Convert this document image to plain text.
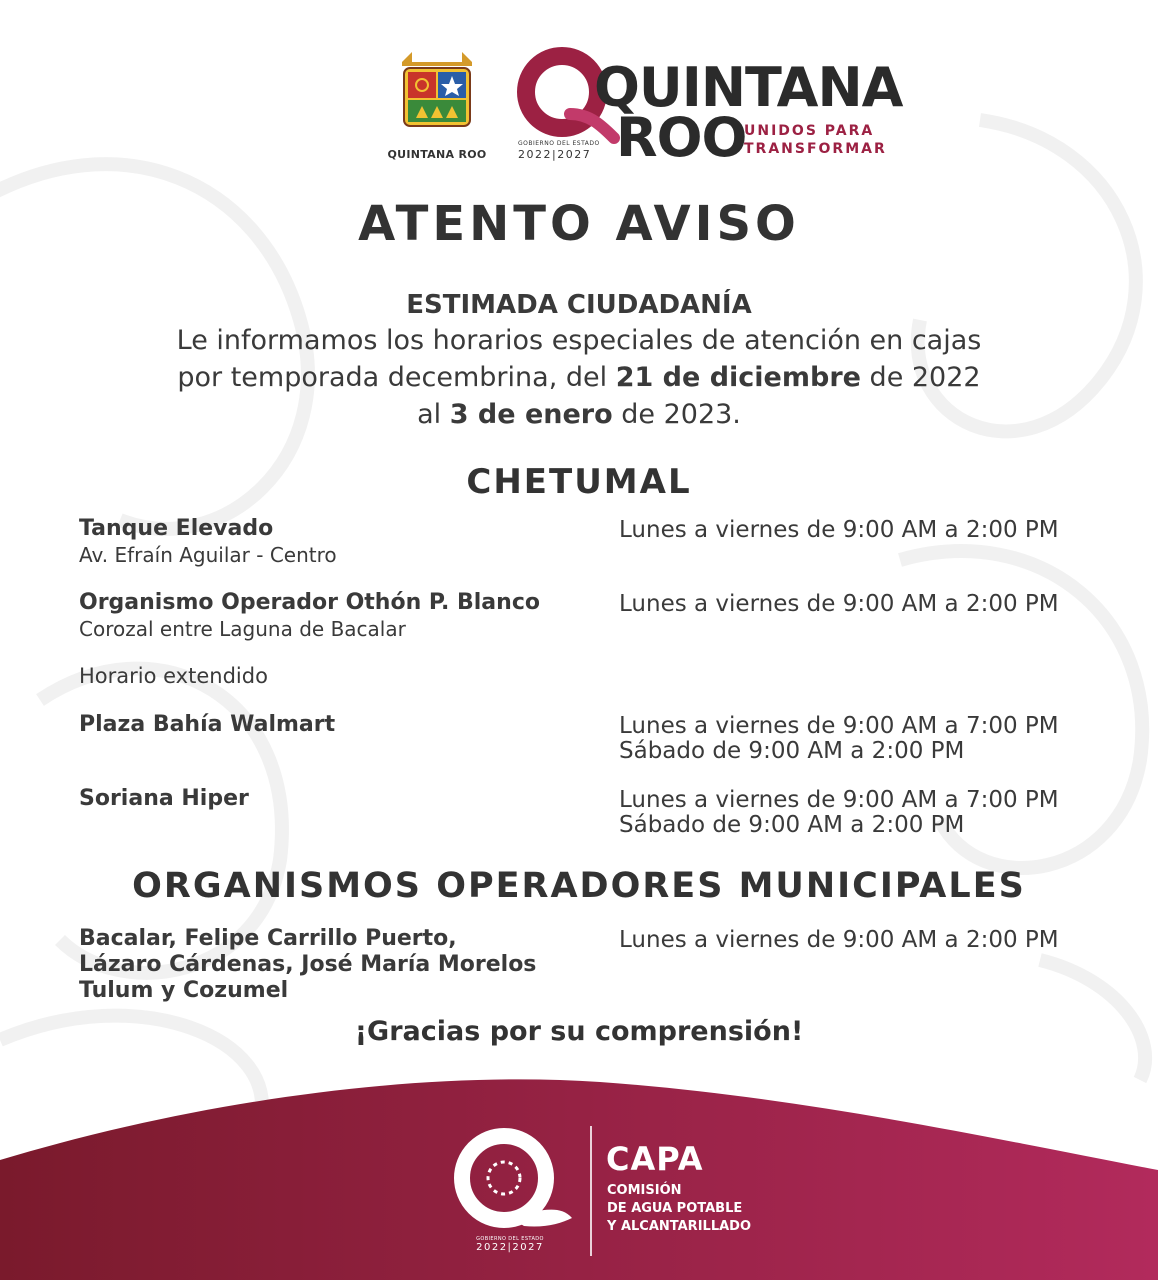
QUINTANA ROO
QUINTANA
ROO
UNIDOS PARA
TRANSFORMAR
GOBIERNO DEL ESTADO
2022|2027
ATENTO AVISO
ESTIMADA CIUDADANÍA
Le informamos los horarios especiales de atención en cajas
por temporada decembrina, del 21 de diciembre de 2022
al 3 de enero de 2023.
CHETUMAL
Tanque Elevado
Av. Efraín Aguilar - Centro
Lunes a viernes de 9:00 AM a 2:00 PM
Organismo Operador Othón P. Blanco
Corozal entre Laguna de Bacalar
Lunes a viernes de 9:00 AM a 2:00 PM
Horario extendido
Plaza Bahía Walmart	Lunes a viernes de 9:00 AM a 7:00 PM
Sábado de 9:00 AM a 2:00 PM
Soriana Hiper	Lunes a viernes de 9:00 AM a 7:00 PM
Sábado de 9:00 AM a 2:00 PM
ORGANISMOS OPERADORES MUNICIPALES
Bacalar, Felipe Carrillo Puerto,
Lázaro Cárdenas, José María Morelos
Tulum y Cozumel
Lunes a viernes de 9:00 AM a 2:00 PM
¡Gracias por su comprensión!
GOBIERNO DEL ESTADO
2022|2027
CAPA
COMISIÓN
DE AGUA POTABLE
Y ALCANTARILLADO
